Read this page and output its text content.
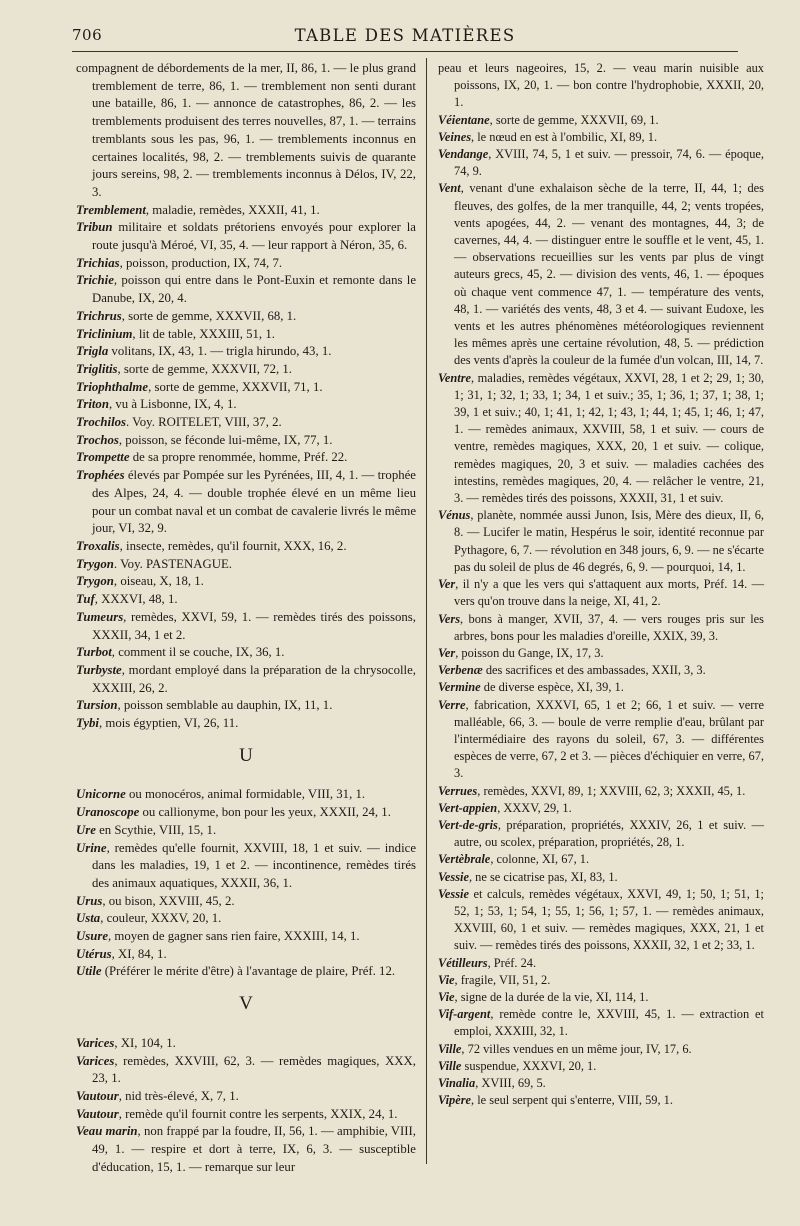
706	TABLE DES MATIÈRES

compagnent de débordements de la mer, II, 86, 1. — le plus grand tremblement de terre, 86, 1. — tremblement non senti durant une bataille, 86, 1. — annonce de catastrophes, 86, 2. — les tremblements produisent des terres nouvelles, 87, 1. — terrains tremblants sous les pas, 96, 1. — tremblements inconnus en certaines localités, 98, 2. — tremblements suivis de quarante jours sereins, 98, 2. — tremblements inconnus à Délos, IV, 22, 3.

Tremblement, maladie, remèdes, XXXII, 41, 1.

Tribun militaire et soldats prétoriens envoyés pour explorer la route jusqu'à Méroé, VI, 35, 4. — leur rapport à Néron, 35, 6.

Trichias, poisson, production, IX, 74, 7.

Trichie, poisson qui entre dans le Pont-Euxin et remonte dans le Danube, IX, 20, 4.

Trichrus, sorte de gemme, XXXVII, 68, 1.

Triclinium, lit de table, XXXIII, 51, 1.

Trigla volitans, IX, 43, 1. — trigla hirundo, 43, 1.

Triglitis, sorte de gemme, XXXVII, 72, 1.

Triophthalme, sorte de gemme, XXXVII, 71, 1.

Triton, vu à Lisbonne, IX, 4, 1.

Trochilos. Voy. ROITELET, VIII, 37, 2.

Trochos, poisson, se féconde lui-même, IX, 77, 1.

Trompette de sa propre renommée, homme, Préf. 22.

Trophées élevés par Pompée sur les Pyrénées, III, 4, 1. — trophée des Alpes, 24, 4. — double trophée élevé en un même lieu pour un combat naval et un combat de cavalerie livrés le même jour, VI, 32, 9.

Troxalis, insecte, remèdes, qu'il fournit, XXX, 16, 2.

Trygon. Voy. PASTENAGUE.

Trygon, oiseau, X, 18, 1.

Tuf, XXXVI, 48, 1.

Tumeurs, remèdes, XXVI, 59, 1. — remèdes tirés des poissons, XXXII, 34, 1 et 2.

Turbot, comment il se couche, IX, 36, 1.

Turbyste, mordant employé dans la préparation de la chrysocolle, XXXIII, 26, 2.

Tursion, poisson semblable au dauphin, IX, 11, 1.

Tybi, mois égyptien, VI, 26, 11.

U

Unicorne ou monocéros, animal formidable, VIII, 31, 1.

Uranoscope ou callionyme, bon pour les yeux, XXXII, 24, 1.

Ure en Scythie, VIII, 15, 1.

Urine, remèdes qu'elle fournit, XXVIII, 18, 1 et suiv. — indice dans les maladies, 19, 1 et 2. — incontinence, remèdes tirés des animaux aquatiques, XXXII, 36, 1.

Urus, ou bison, XXVIII, 45, 2.

Usta, couleur, XXXV, 20, 1.

Usure, moyen de gagner sans rien faire, XXXIII, 14, 1.

Utérus, XI, 84, 1.

Utile (Préférer le mérite d'être) à l'avantage de plaire, Préf. 12.

V

Varices, XI, 104, 1.

Varices, remèdes, XXVIII, 62, 3. — remèdes magiques, XXX, 23, 1.

Vautour, nid très-élevé, X, 7, 1.

Vautour, remède qu'il fournit contre les serpents, XXIX, 24, 1.

Veau marin, non frappé par la foudre, II, 56, 1. — amphibie, VIII, 49, 1. — respire et dort à terre, IX, 6, 3. — susceptible d'éducation, 15, 1. — remarque sur leur

peau et leurs nageoires, 15, 2. — veau marin nuisible aux poissons, IX, 20, 1. — bon contre l'hydrophobie, XXXII, 20, 1.

Véientane, sorte de gemme, XXXVII, 69, 1.

Veines, le nœud en est à l'ombilic, XI, 89, 1.

Vendange, XVIII, 74, 5, 1 et suiv. — pressoir, 74, 6. — époque, 74, 9.

Vent, venant d'une exhalaison sèche de la terre, II, 44, 1; des fleuves, des golfes, de la mer tranquille, 44, 2; vents tropées, vents apogées, 44, 2. — venant des montagnes, 44, 3; de cavernes, 44, 4. — distinguer entre le souffle et le vent, 45, 1. — observations recueillies sur les vents par plus de vingt auteurs grecs, 45, 2. — division des vents, 46, 1. — époques où chaque vent commence 47, 1. — température des vents, 48, 1. — variétés des vents, 48, 3 et 4. — suivant Eudoxe, les vents et les autres phénomènes météorologiques reviennent les mêmes après une certaine révolution, 48, 5. — prédiction des vents d'après la couleur de la fumée d'un volcan, III, 14, 7.

Ventre, maladies, remèdes végétaux, XXVI, 28, 1 et 2; 29, 1; 30, 1; 31, 1; 32, 1; 33, 1; 34, 1 et suiv.; 35, 1; 36, 1; 37, 1; 38, 1; 39, 1 et suiv.; 40, 1; 41, 1; 42, 1; 43, 1; 44, 1; 45, 1; 46, 1; 47, 1. — remèdes animaux, XXVIII, 58, 1 et suiv. — cours de ventre, remèdes magiques, XXX, 20, 1 et suiv. — colique, remèdes magiques, 20, 3 et suiv. — maladies cachées des intestins, remèdes magiques, 20, 4. — relâcher le ventre, 21, 3. — remèdes tirés des poissons, XXXII, 31, 1 et suiv.

Vénus, planète, nommée aussi Junon, Isis, Mère des dieux, II, 6, 8. — Lucifer le matin, Hespérus le soir, identité reconnue par Pythagore, 6, 7. — révolution en 348 jours, 6, 9. — ne s'écarte pas du soleil de plus de 46 degrés, 6, 9. — pourquoi, 14, 1.

Ver, il n'y a que les vers qui s'attaquent aux morts, Préf. 14. — vers qu'on trouve dans la neige, XI, 41, 2.

Vers, bons à manger, XVII, 37, 4. — vers rouges pris sur les arbres, bons pour les maladies d'oreille, XXIX, 39, 3.

Ver, poisson du Gange, IX, 17, 3.

Verbenæ des sacrifices et des ambassades, XXII, 3, 3.

Vermine de diverse espèce, XI, 39, 1.

Verre, fabrication, XXXVI, 65, 1 et 2; 66, 1 et suiv. — verre malléable, 66, 3. — boule de verre remplie d'eau, brûlant par l'intermédiaire des rayons du soleil, 67, 3. — différentes espèces de verre, 67, 2 et 3. — pièces d'échiquier en verre, 67, 3.

Verrues, remèdes, XXVI, 89, 1; XXVIII, 62, 3; XXXII, 45, 1.

Vert-appien, XXXV, 29, 1.

Vert-de-gris, préparation, propriétés, XXXIV, 26, 1 et suiv. — autre, ou scolex, préparation, propriétés, 28, 1.

Vertèbrale, colonne, XI, 67, 1.

Vessie, ne se cicatrise pas, XI, 83, 1.

Vessie et calculs, remèdes végétaux, XXVI, 49, 1; 50, 1; 51, 1; 52, 1; 53, 1; 54, 1; 55, 1; 56, 1; 57, 1. — remèdes animaux, XXVIII, 60, 1 et suiv. — remèdes magiques, XXX, 21, 1 et suiv. — remèdes tirés des poissons, XXXII, 32, 1 et 2; 33, 1.

Vétilleurs, Préf. 24.

Vie, fragile, VII, 51, 2.

Vie, signe de la durée de la vie, XI, 114, 1.

Vif-argent, remède contre le, XXVIII, 45, 1. — extraction et emploi, XXXIII, 32, 1.

Ville, 72 villes vendues en un même jour, IV, 17, 6.

Ville suspendue, XXXVI, 20, 1.

Vinalia, XVIII, 69, 5.

Vipère, le seul serpent qui s'enterre, VIII, 59, 1.
